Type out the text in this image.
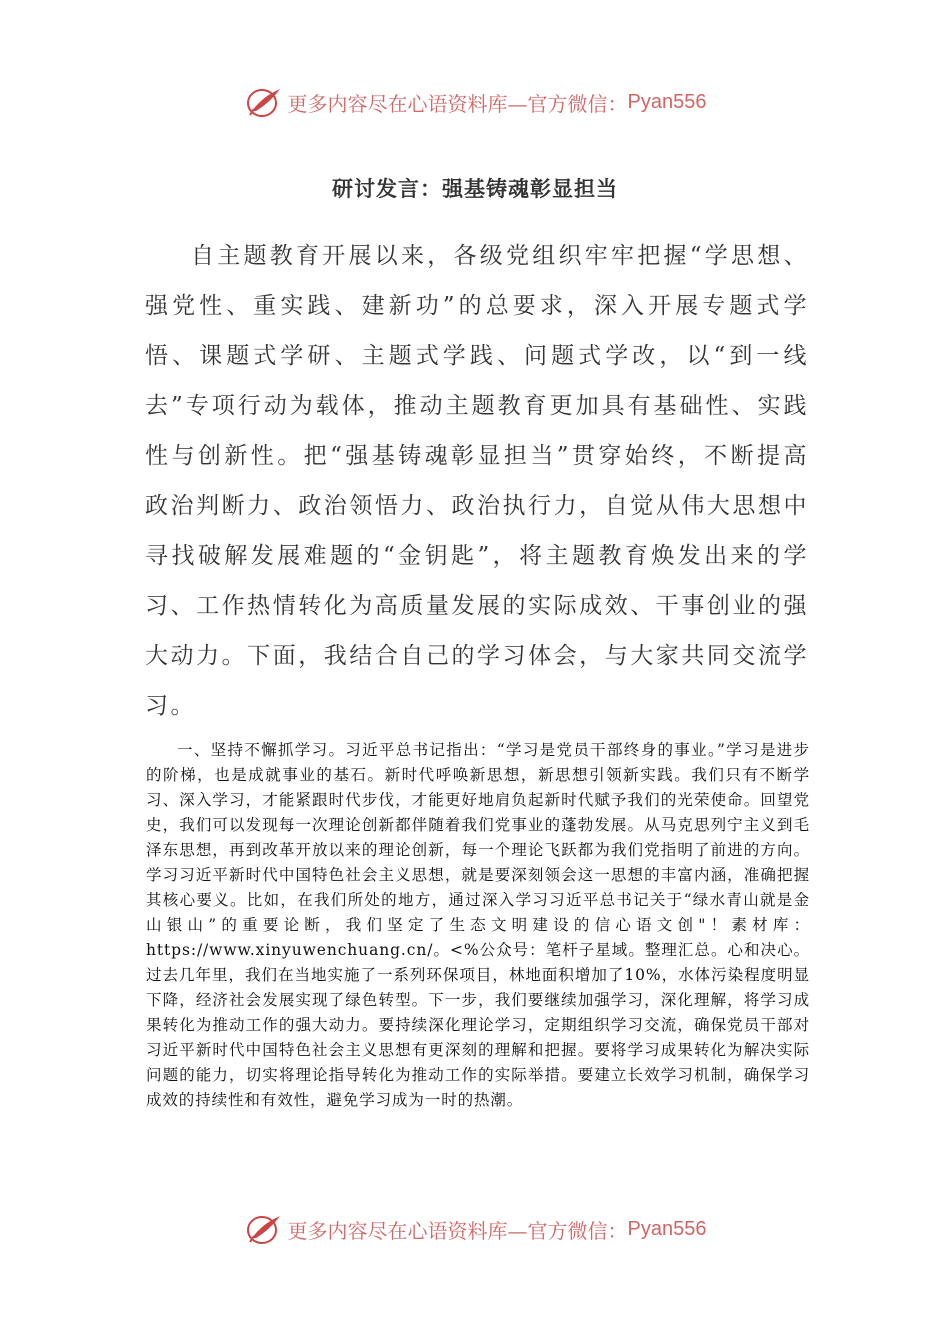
更多内容尽在心语资料库—官方微信： Pyan556
研讨发言：强基铸魂彰显担当

自主题教育开展以来，各级党组织牢牢把握“学思想、强党性、重实践、建新功”的总要求，深入开展专题式学悟、课题式学研、主题式学践、问题式学改，以“到一线去”专项行动为载体，推动主题教育更加具有基础性、实践性与创新性。把“强基铸魂彰显担当”贯穿始终，不断提高政治判断力、政治领悟力、政治执行力，自觉从伟大思想中寻找破解发展难题的“金钥匙”，将主题教育焕发出来的学习、工作热情转化为高质量发展的实际成效、干事创业的强大动力。下面，我结合自己的学习体会，与大家共同交流学习。

一、坚持不懈抓学习。习近平总书记指出：“学习是党员干部终身的事业。”学习是进步的阶梯，也是成就事业的基石。新时代呼唤新思想，新思想引领新实践。我们只有不断学习、深入学习，才能紧跟时代步伐，才能更好地肩负起新时代赋予我们的光荣使命。回望党史，我们可以发现每一次理论创新都伴随着我们党事业的蓬勃发展。从马克思列宁主义到毛泽东思想，再到改革开放以来的理论创新，每一个理论飞跃都为我们党指明了前进的方向。学习习近平新时代中国特色社会主义思想，就是要深刻领会这一思想的丰富内涵，准确把握其核心要义。比如，在我们所处的地方，通过深入学习习近平总书记关于“绿水青山就是金山银山”的重要论断，我们坚定了生态文明建设的信心语文创"！素材库：https://www.xinyuwenchuang.cn/。<%公众号：笔杆子星域。整理汇总。心和决心。过去几年里，我们在当地实施了一系列环保项目，林地面积增加了10%，水体污染程度明显下降，经济社会发展实现了绿色转型。下一步，我们要继续加强学习，深化理解，将学习成果转化为推动工作的强大动力。要持续深化理论学习，定期组织学习交流，确保党员干部对习近平新时代中国特色社会主义思想有更深刻的理解和把握。要将学习成果转化为解决实际问题的能力，切实将理论指导转化为推动工作的实际举措。要建立长效学习机制，确保学习成效的持续性和有效性，避免学习成为一时的热潮。

更多内容尽在心语资料库—官方微信： Pyan556
